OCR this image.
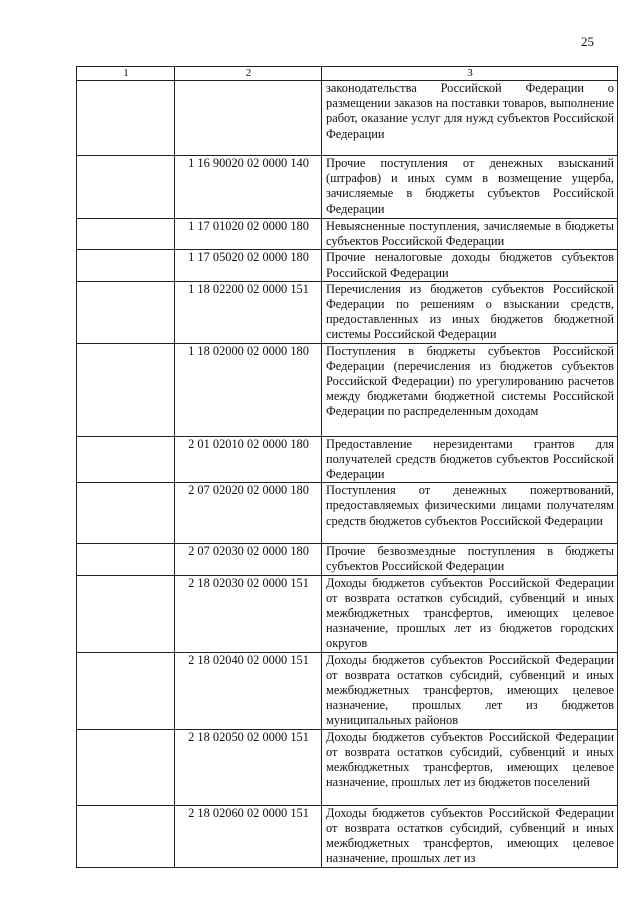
25
1	2	3
		законодательства Российской Федерации о размещении заказов на поставки товаров, выполнение работ, оказание услуг для нужд субъектов Российской Федерации
	1 16 90020 02 0000 140	Прочие поступления от денежных взысканий (штрафов) и иных сумм в возмещение ущерба, зачисляемые в бюджеты субъектов Российской Федерации
	1 17 01020 02 0000 180	Невыясненные поступления, зачисляемые в бюджеты субъектов Российской Федерации
	1 17 05020 02 0000 180	Прочие неналоговые доходы бюджетов субъектов Российской Федерации
	1 18 02200 02 0000 151	Перечисления из бюджетов субъектов Российской Федерации по решениям о взыскании средств, предоставленных из иных бюджетов бюджетной системы Российской Федерации
	1 18 02000 02 0000 180	Поступления в бюджеты субъектов Российской Федерации (перечисления из бюджетов субъектов Российской Федерации) по урегулированию расчетов между бюджетами бюджетной системы Российской Федерации по распределенным доходам
	2 01 02010 02 0000 180	Предоставление нерезидентами грантов для получателей средств бюджетов субъектов Российской Федерации
	2 07 02020 02 0000 180	Поступления от денежных пожертвований, предоставляемых физическими лицами получателям средств бюджетов субъектов Российской Федерации
	2 07 02030 02 0000 180	Прочие безвозмездные поступления в бюджеты субъектов Российской Федерации
	2 18 02030 02 0000 151	Доходы бюджетов субъектов Российской Федерации от возврата остатков субсидий, субвенций и иных межбюджетных трансфертов, имеющих целевое назначение, прошлых лет из бюджетов городских округов
	2 18 02040 02 0000 151	Доходы бюджетов субъектов Российской Федерации от возврата остатков субсидий, субвенций и иных межбюджетных трансфертов, имеющих целевое назначение, прошлых лет из бюджетов муниципальных районов
	2 18 02050 02 0000 151	Доходы бюджетов субъектов Российской Федерации от возврата остатков субсидий, субвенций и иных межбюджетных трансфертов, имеющих целевое назначение, прошлых лет из бюджетов поселений
	2 18 02060 02 0000 151	Доходы бюджетов субъектов Российской Федерации от возврата остатков субсидий, субвенций и иных межбюджетных трансфертов, имеющих целевое назначение, прошлых лет из
